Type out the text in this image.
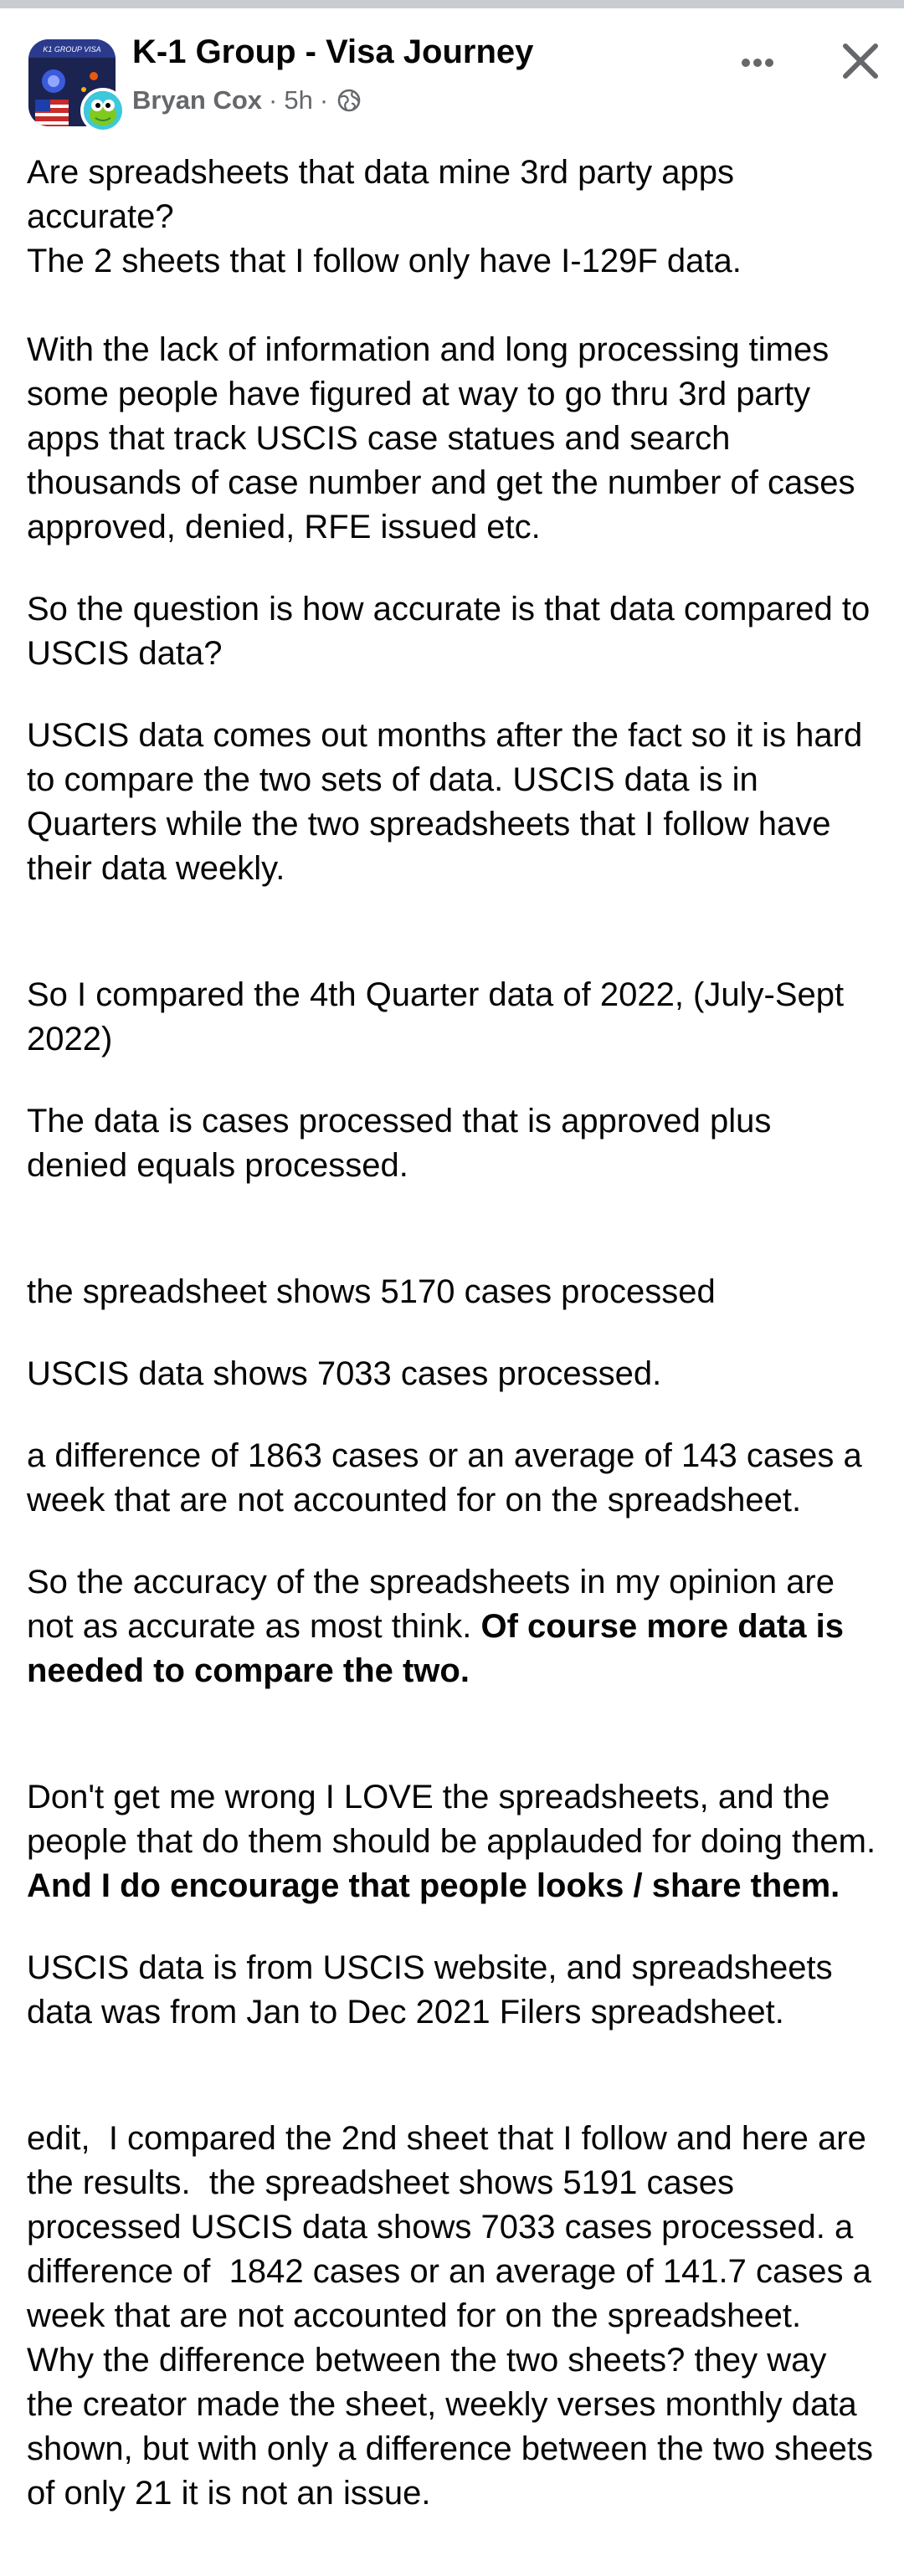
K1 GROUP VISA K-1 Group - Visa Journey
Bryan Cox · 5h ·

Are spreadsheets that data mine 3rd party apps accurate?

The 2 sheets that I follow only have I-129F data.

With the lack of information and long processing times some people have figured at way to go thru 3rd party apps that track USCIS case statues and search thousands of case number and get the number of cases approved, denied, RFE issued etc.

So the question is how accurate is that data compared to USCIS data?

USCIS data comes out months after the fact so it is hard to compare the two sets of data. USCIS data is in Quarters while the two spreadsheets that I follow have their data weekly.

So I compared the 4th Quarter data of 2022, (July-Sept 2022)

The data is cases processed that is approved plus denied equals processed.

the spreadsheet shows 5170 cases processed

USCIS data shows 7033 cases processed.

a difference of 1863 cases or an average of 143 cases a week that are not accounted for on the spreadsheet.

So the accuracy of the spreadsheets in my opinion are not as accurate as most think. Of course more data is needed to compare the two.

Don't get me wrong I LOVE the spreadsheets, and the people that do them should be applauded for doing them. And I do encourage that people looks / share them.

USCIS data is from USCIS website, and spreadsheets data was from Jan to Dec 2021 Filers spreadsheet.

edit,  I compared the 2nd sheet that I follow and here are the results.  the spreadsheet shows 5191 cases processed USCIS data shows 7033 cases processed. a difference of  1842 cases or an average of 141.7 cases a week that are not accounted for on the spreadsheet.  Why the difference between the two sheets? they way the creator made the sheet, weekly verses monthly data shown, but with only a difference between the two sheets of only 21 it is not an issue.
